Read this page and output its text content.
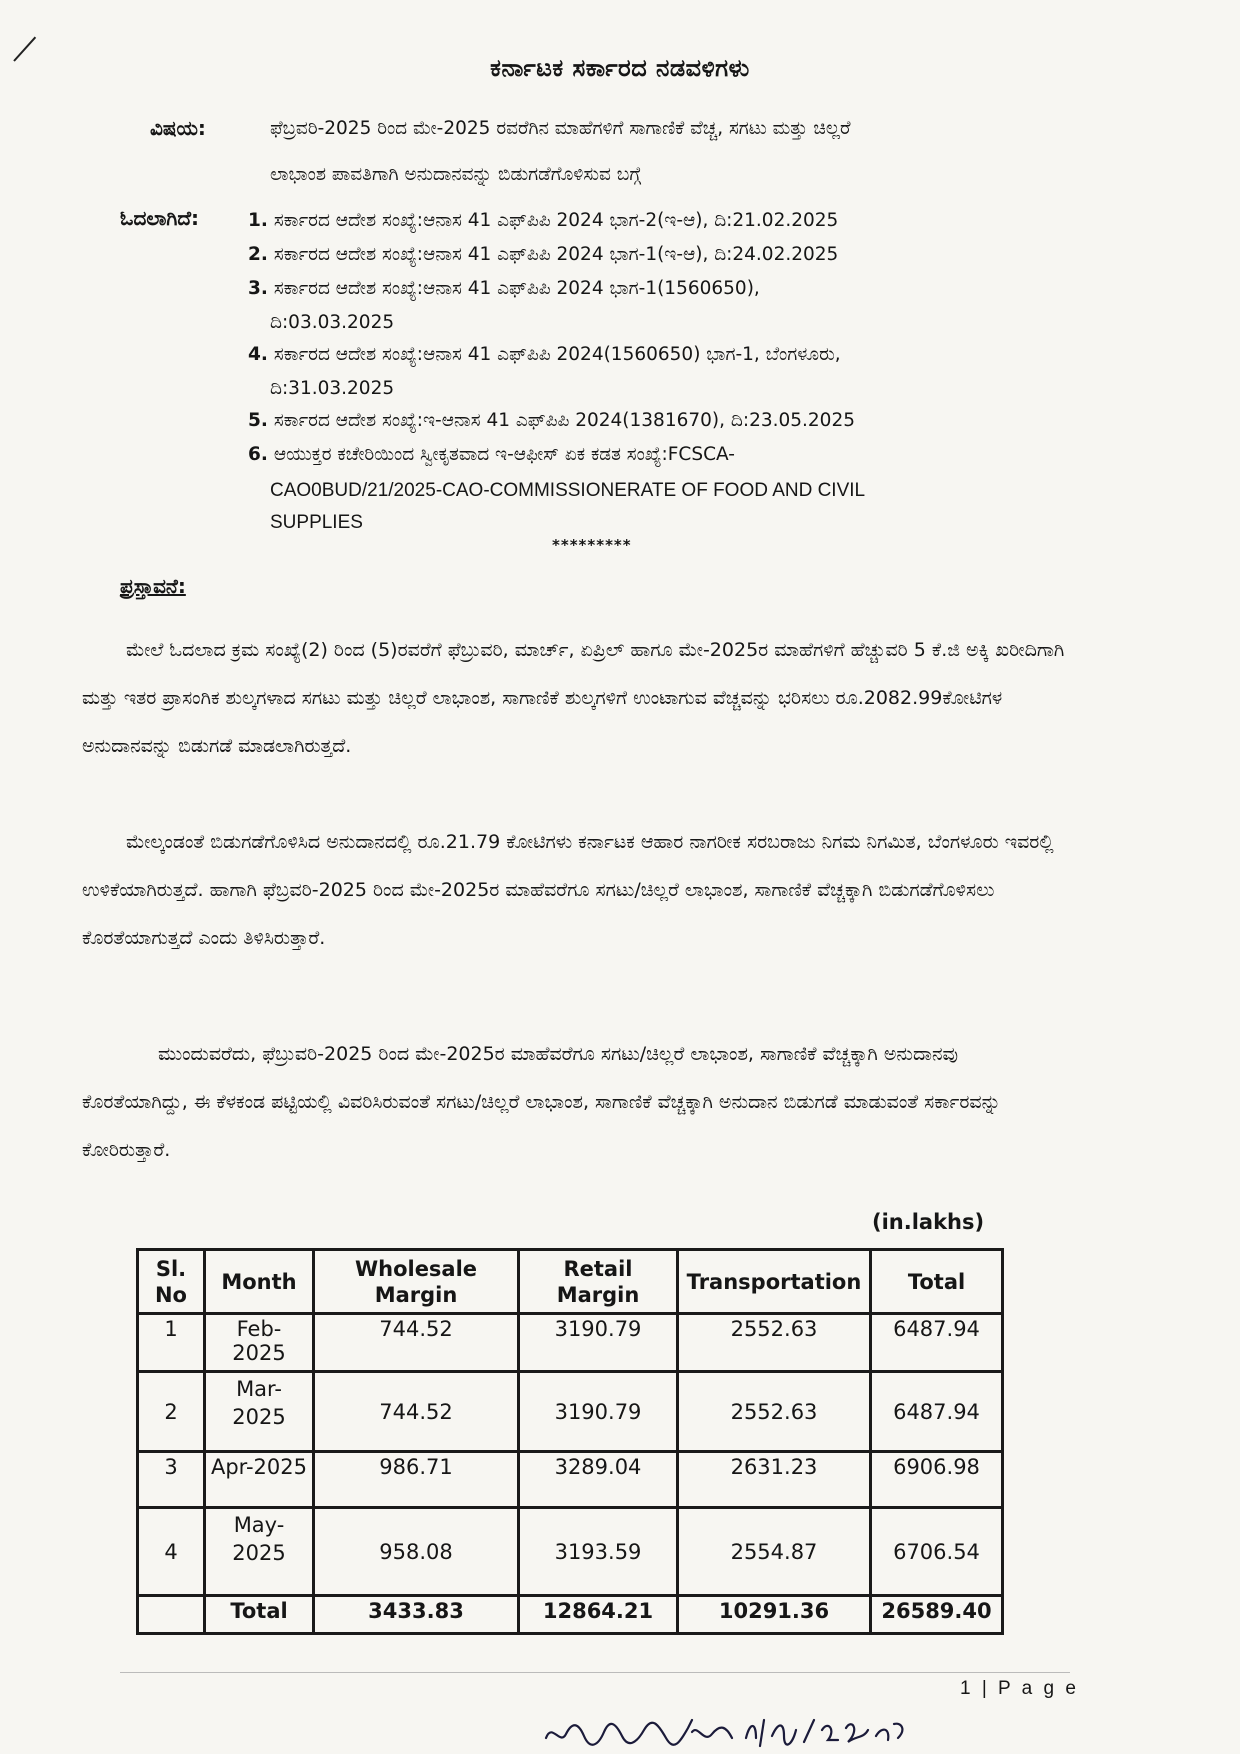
ಕರ್ನಾಟಕ ಸರ್ಕಾರದ ನಡವಳಿಗಳು
ವಿಷಯ:	ಫೆಬ್ರವರಿ-2025 ರಿಂದ ಮೇ-2025 ರವರೆಗಿನ ಮಾಹೆಗಳಿಗೆ ಸಾಗಾಣಿಕೆ ವೆಚ್ಚ, ಸಗಟು ಮತ್ತು ಚಿಲ್ಲರೆ
ಲಾಭಾಂಶ ಪಾವತಿಗಾಗಿ ಅನುದಾನವನ್ನು ಬಿಡುಗಡೆಗೊಳಿಸುವ ಬಗ್ಗೆ
ಓದಲಾಗಿದೆ:	1. ಸರ್ಕಾರದ ಆದೇಶ ಸಂಖ್ಯೆ:ಆನಾಸ 41 ಎಫ್‌ಪಿಪಿ 2024 ಭಾಗ-2(ಇ-ಆ), ದಿ:21.02.2025
2. ಸರ್ಕಾರದ ಆದೇಶ ಸಂಖ್ಯೆ:ಆನಾಸ 41 ಎಫ್‌ಪಿಪಿ 2024 ಭಾಗ-1(ಇ-ಆ), ದಿ:24.02.2025
3. ಸರ್ಕಾರದ ಆದೇಶ ಸಂಖ್ಯೆ:ಆನಾಸ 41 ಎಫ್‌ಪಿಪಿ 2024 ಭಾಗ-1(1560650),
ದಿ:03.03.2025
4. ಸರ್ಕಾರದ ಆದೇಶ ಸಂಖ್ಯೆ:ಆನಾಸ 41 ಎಫ್‌ಪಿಪಿ 2024(1560650) ಭಾಗ-1, ಬೆಂಗಳೂರು,
ದಿ:31.03.2025
5. ಸರ್ಕಾರದ ಆದೇಶ ಸಂಖ್ಯೆ:ಇ-ಆನಾಸ 41 ಎಫ್‌ಪಿಪಿ 2024(1381670), ದಿ:23.05.2025
6. ಆಯುಕ್ತರ ಕಚೇರಿಯಿಂದ ಸ್ವೀಕೃತವಾದ ಇ-ಆಫೀಸ್ ಏಕ ಕಡತ ಸಂಖ್ಯೆ:FCSCA-
CAO0BUD/21/2025-CAO-COMMISSIONERATE OF FOOD AND CIVIL
SUPPLIES
*********
ಪ್ರಸ್ತಾವನೆ:
ಮೇಲೆ ಓದಲಾದ ಕ್ರಮ ಸಂಖ್ಯೆ(2) ರಿಂದ (5)ರವರೆಗೆ ಫೆಬ್ರುವರಿ, ಮಾರ್ಚ್, ಏಪ್ರಿಲ್ ಹಾಗೂ ಮೇ-2025ರ ಮಾಹೆಗಳಿಗೆ ಹೆಚ್ಚುವರಿ 5 ಕೆ.ಜಿ ಅಕ್ಕಿ ಖರೀದಿಗಾಗಿ ಮತ್ತು ಇತರ ಪ್ರಾಸಂಗಿಕ ಶುಲ್ಕಗಳಾದ ಸಗಟು ಮತ್ತು ಚಿಲ್ಲರೆ ಲಾಭಾಂಶ, ಸಾಗಾಣಿಕೆ ಶುಲ್ಕಗಳಿಗೆ ಉಂಟಾಗುವ ವೆಚ್ಚವನ್ನು ಭರಿಸಲು ರೂ.2082.99ಕೋಟಿಗಳ ಅನುದಾನವನ್ನು ಬಿಡುಗಡೆ ಮಾಡಲಾಗಿರುತ್ತದೆ.
ಮೇಲ್ಕಂಡಂತೆ ಬಿಡುಗಡೆಗೊಳಿಸಿದ ಅನುದಾನದಲ್ಲಿ ರೂ.21.79 ಕೋಟಿಗಳು ಕರ್ನಾಟಕ ಆಹಾರ ನಾಗರೀಕ ಸರಬರಾಜು ನಿಗಮ ನಿಗಮಿತ, ಬೆಂಗಳೂರು ಇವರಲ್ಲಿ ಉಳಿಕೆಯಾಗಿರುತ್ತದೆ. ಹಾಗಾಗಿ ಫೆಬ್ರವರಿ-2025 ರಿಂದ ಮೇ-2025ರ ಮಾಹೆವರೆಗೂ ಸಗಟು/ಚಿಲ್ಲರೆ ಲಾಭಾಂಶ, ಸಾಗಾಣಿಕೆ ವೆಚ್ಚಕ್ಕಾಗಿ ಬಿಡುಗಡೆಗೊಳಿಸಲು ಕೊರತೆಯಾಗುತ್ತದೆ ಎಂದು ತಿಳಿಸಿರುತ್ತಾರೆ.
ಮುಂದುವರೆದು, ಫೆಬ್ರುವರಿ-2025 ರಿಂದ ಮೇ-2025ರ ಮಾಹೆವರೆಗೂ ಸಗಟು/ಚಿಲ್ಲರೆ ಲಾಭಾಂಶ, ಸಾಗಾಣಿಕೆ ವೆಚ್ಚಕ್ಕಾಗಿ ಅನುದಾನವು ಕೊರತೆಯಾಗಿದ್ದು, ಈ ಕೆಳಕಂಡ ಪಟ್ಟಿಯಲ್ಲಿ ವಿವರಿಸಿರುವಂತೆ ಸಗಟು/ಚಿಲ್ಲರೆ ಲಾಭಾಂಶ, ಸಾಗಾಣಿಕೆ ವೆಚ್ಚಕ್ಕಾಗಿ ಅನುದಾನ ಬಿಡುಗಡೆ ಮಾಡುವಂತೆ ಸರ್ಕಾರವನ್ನು ಕೋರಿರುತ್ತಾರೆ.
(in.lakhs)
Sl. No	Month	Wholesale Margin	Retail Margin	Transportation	Total
1	Feb-2025	744.52	3190.79	2552.63	6487.94
2	Mar-2025	744.52	3190.79	2552.63	6487.94
3	Apr-2025	986.71	3289.04	2631.23	6906.98
4	May-2025	958.08	3193.59	2554.87	6706.54
	Total	3433.83	12864.21	10291.36	26589.40
1 | P a g e
